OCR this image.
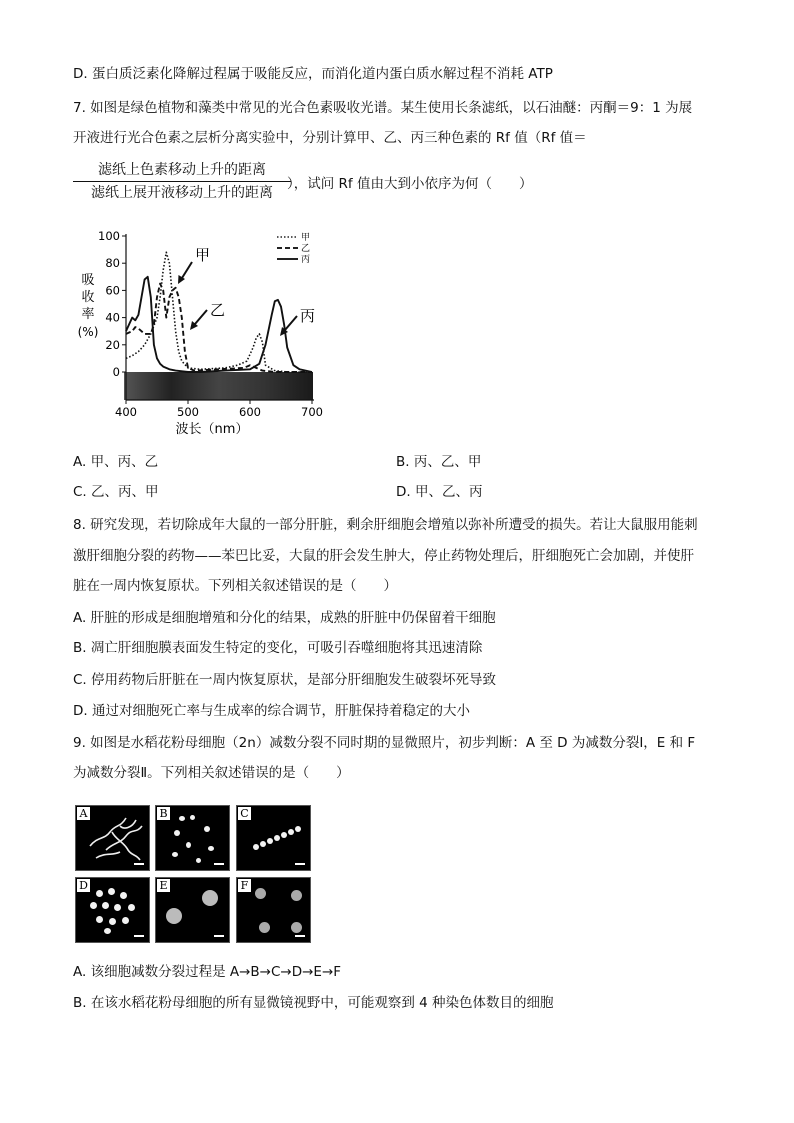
D. 蛋白质泛素化降解过程属于吸能反应，而消化道内蛋白质水解过程不消耗 ATP
7. 如图是绿色植物和藻类中常见的光合色素吸收光谱。某生使用长条滤纸，以石油醚：丙酮＝9：1 为展
开液进行光合色素之层析分离实验中，分别计算甲、乙、丙三种色素的 Rf 值（Rf 值＝
滤纸上色素移动上升的距离
滤纸上展开液移动上升的距离
），试问 Rf 值由大到小依序为何（　　）
0
20
40
60
80
100
400	500	600	700
吸
收
率
(%)
波长（nm）
甲
乙
丙
甲
乙	丙
A. 甲、丙、乙	B. 丙、乙、甲
C. 乙、丙、甲	D. 甲、乙、丙
8. 研究发现，若切除成年大鼠的一部分肝脏，剩余肝细胞会增殖以弥补所遭受的损失。若让大鼠服用能刺
激肝细胞分裂的药物——苯巴比妥，大鼠的肝会发生肿大，停止药物处理后，肝细胞死亡会加剧，并使肝
脏在一周内恢复原状。下列相关叙述错误的是（　　）
A. 肝脏的形成是细胞增殖和分化的结果，成熟的肝脏中仍保留着干细胞
B. 凋亡肝细胞膜表面发生特定的变化，可吸引吞噬细胞将其迅速清除
C. 停用药物后肝脏在一周内恢复原状，是部分肝细胞发生破裂坏死导致
D. 通过对细胞死亡率与生成率的综合调节，肝脏保持着稳定的大小
9. 如图是水稻花粉母细胞（2n）减数分裂不同时期的显微照片，初步判断：A 至 D 为减数分裂Ⅰ，E 和 F
为减数分裂Ⅱ。下列相关叙述错误的是（　　）
A	B	C
D	E	F
A. 该细胞减数分裂过程是 A→B→C→D→E→F
B. 在该水稻花粉母细胞的所有显微镜视野中，可能观察到 4 种染色体数目的细胞
